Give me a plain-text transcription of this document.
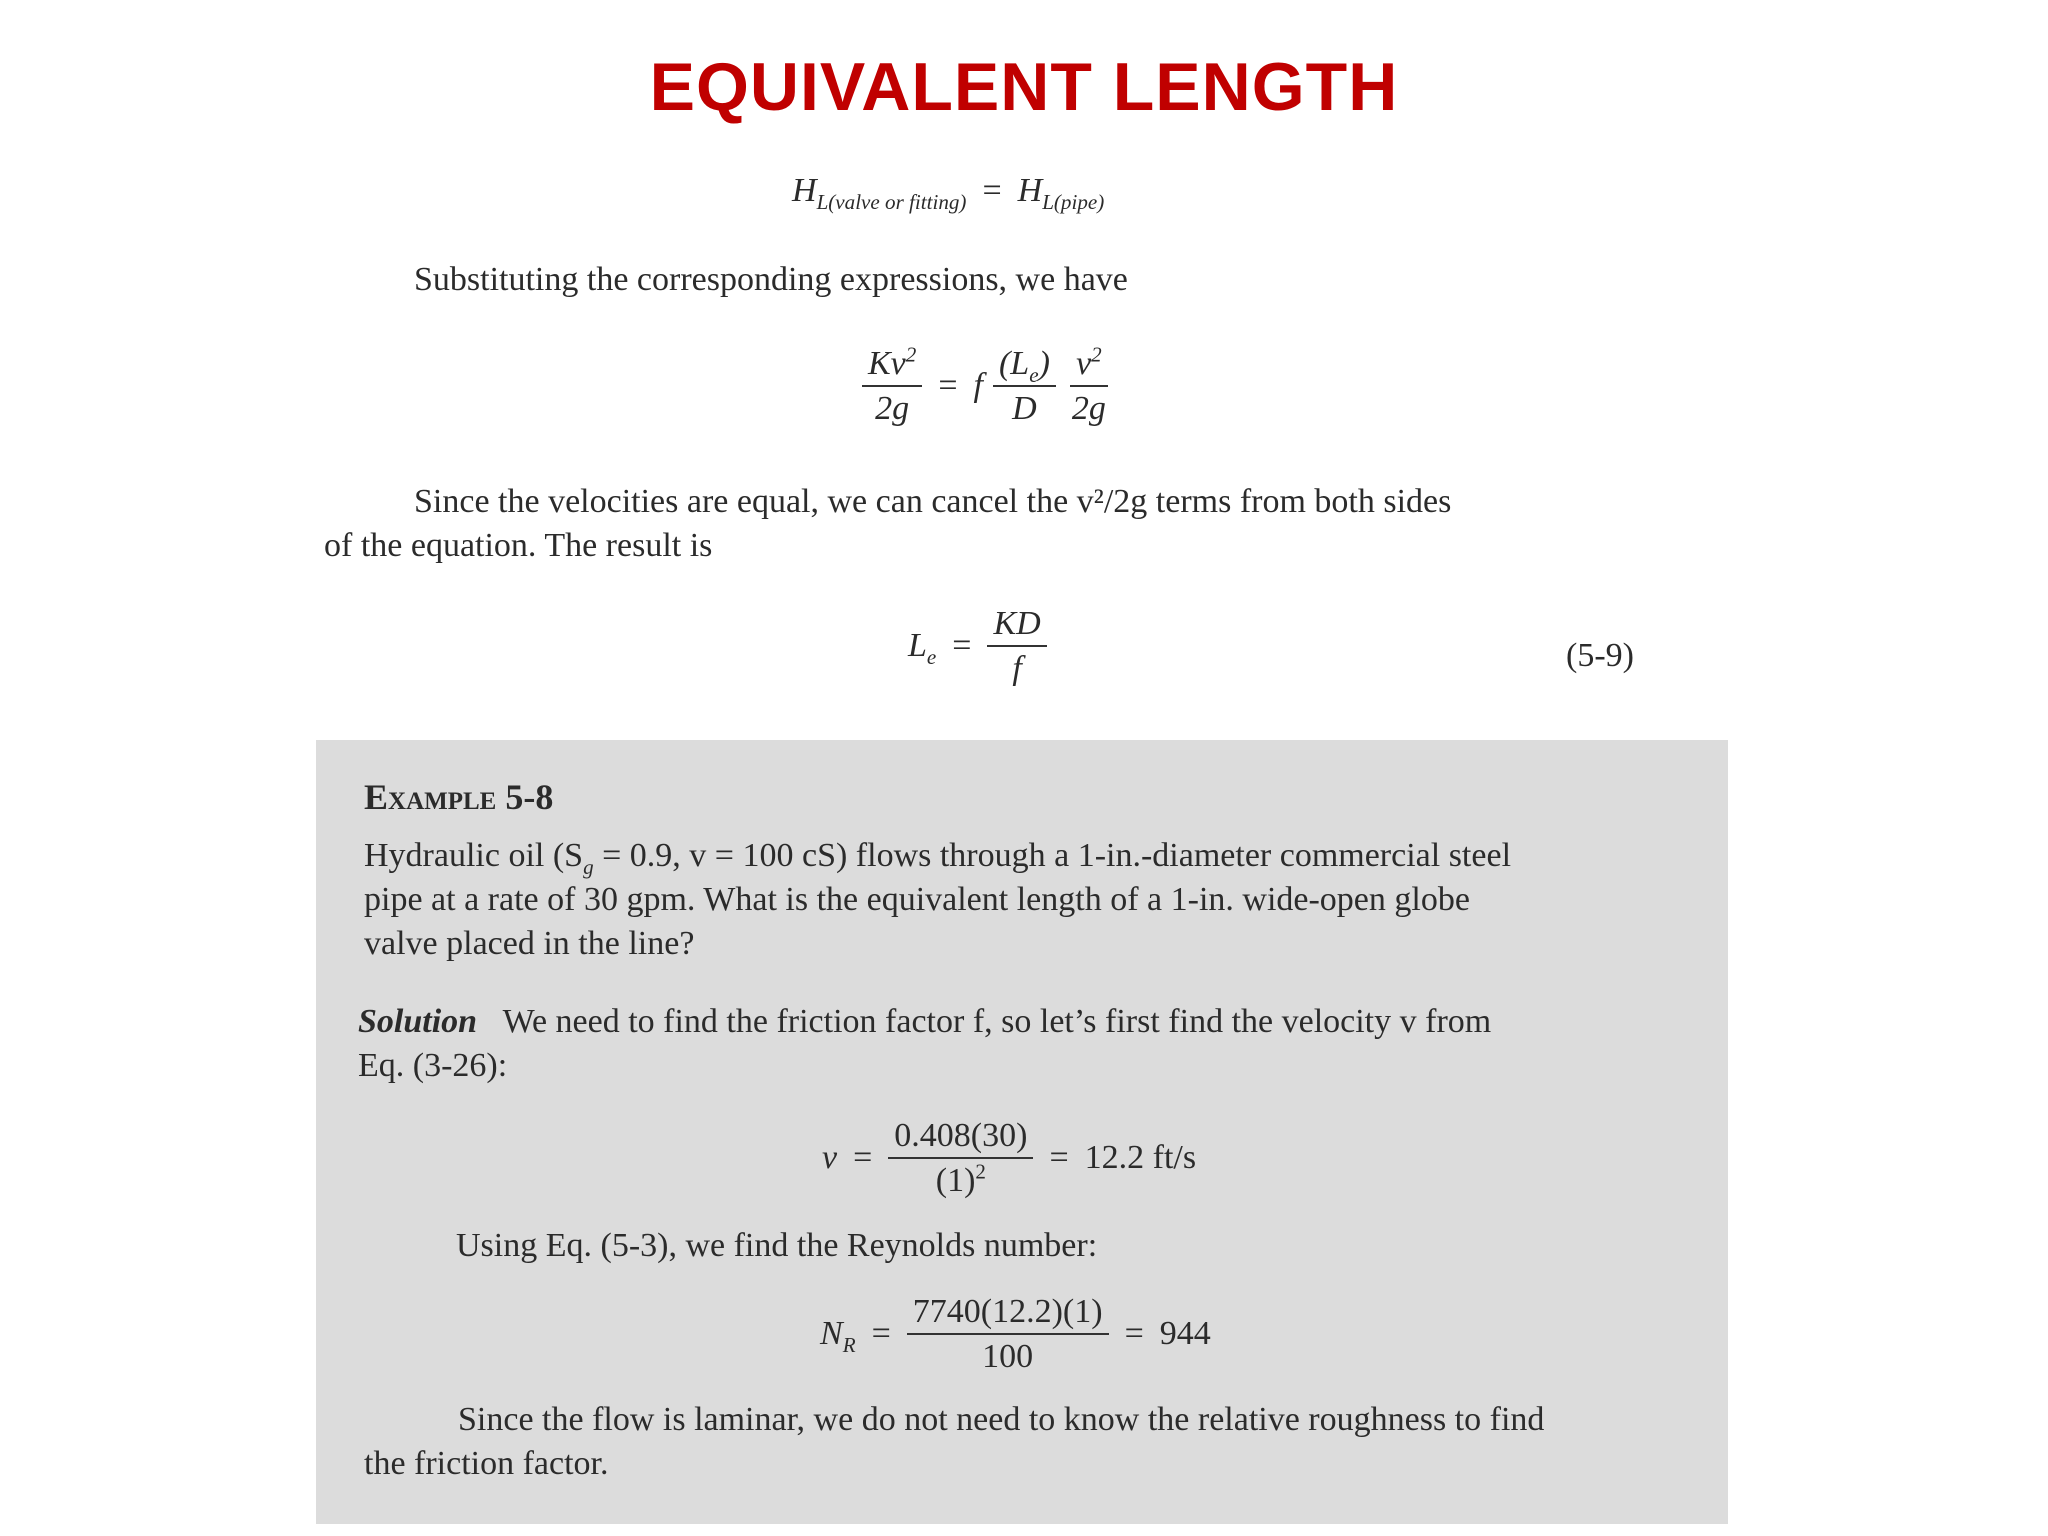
EQUIVALENT LENGTH
$H_{L(valve or fitting)} = H_{L(pipe)}$
Substituting the corresponding expressions, we have
$\frac{Kv^2}{2g} = f \frac{(L_e)}{D} \frac{v^2}{2g}$
Since the velocities are equal, we can cancel the v²/2g terms from both sides
of the equation. The result is
$L_e = \frac{KD}{f}$	(5-9)
Example 5-8
Hydraulic oil ($S_g = 0.9$, v = 100 cS) flows through a 1-in.-diameter commercial steel
pipe at a rate of 30 gpm. What is the equivalent length of a 1-in. wide-open globe
valve placed in the line?
Solution We need to find the friction factor f, so let’s first find the velocity v from
Eq. (3-26):
$v = \frac{0.408(30)}{(1)^2} = 12.2$ ft/s
Using Eq. (5-3), we find the Reynolds number:
$N_R = \frac{7740(12.2)(1)}{100} = 944$
Since the flow is laminar, we do not need to know the relative roughness to find
the friction factor.
